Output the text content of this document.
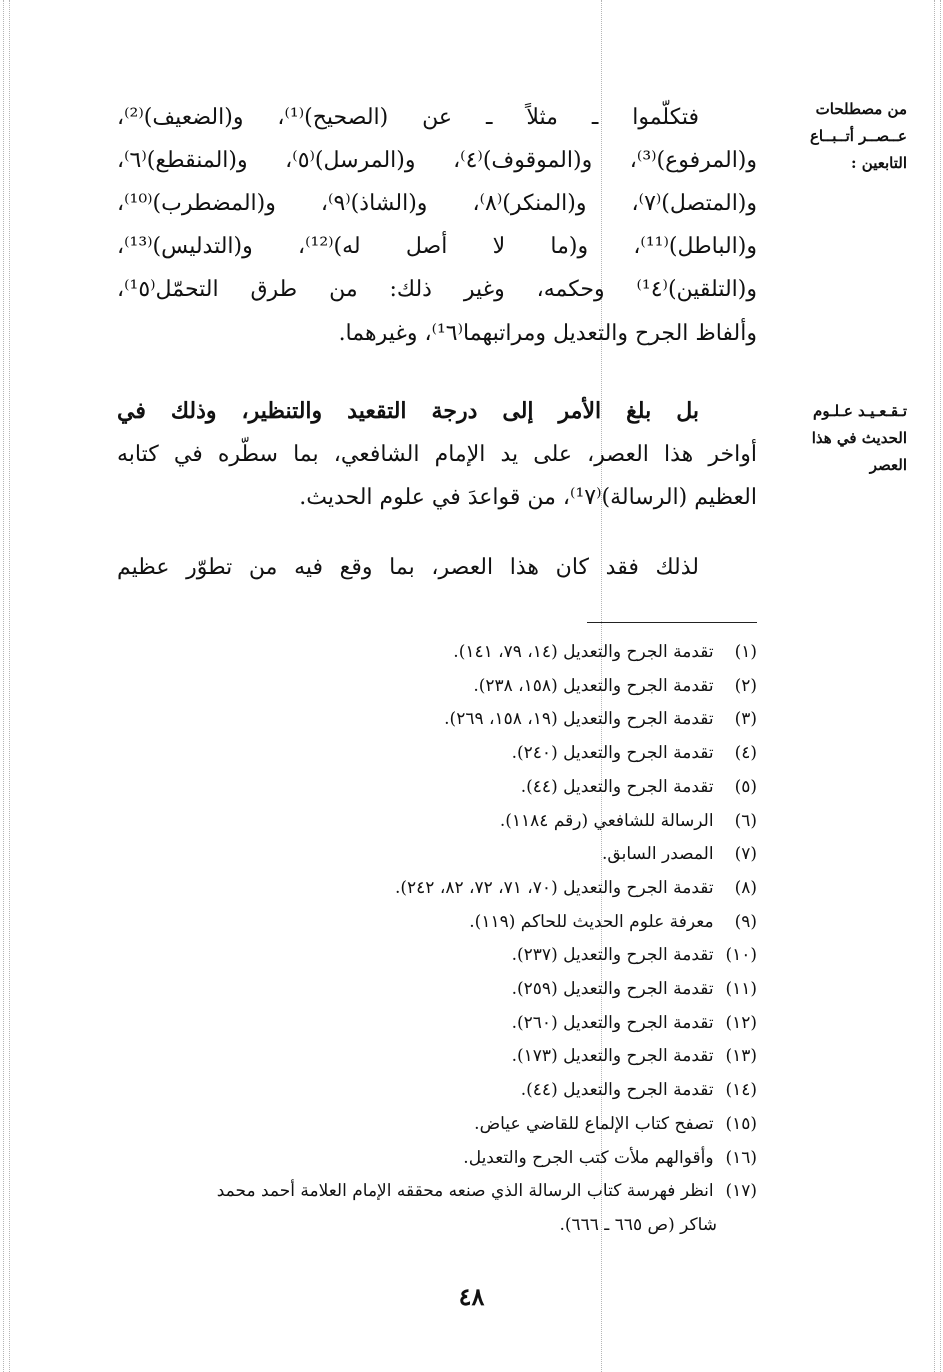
من مصطلحات
عــصــر أتــبــاع
التابعين :
تـقـعـيـد عـلـوم
الحديث في هذا
العصر
فتكلّموا ـ مثلاً ـ عن (الصحيح)⁽¹⁾، و(الضعيف)⁽²⁾،
و(المرفوع)⁽³⁾، و(الموقوف)⁽٤⁾، و(المرسل)⁽٥⁾، و(المنقطع)⁽٦⁾،
و(المتصل)⁽٧⁾، و(المنكر)⁽٨⁾، و(الشاذ)⁽٩⁾، و(المضطرب)⁽¹⁰⁾،
و(الباطل)⁽¹¹⁾، و(ما لا أصل له)⁽¹²⁾، و(التدليس)⁽¹³⁾،
و(التلقين)⁽¹٤⁾ وحكمه، وغير ذلك: من طرق التحمّل⁽¹٥⁾،
وألفاظ الجرح والتعديل ومراتبهما⁽¹٦⁾، وغيرهما.
بل بلغ الأمر إلى درجة التقعيد والتنظير، وذلك في
أواخر هذا العصر، على يد الإمام الشافعي، بما سطّره في كتابه
العظيم (الرسالة)⁽¹٧⁾، من قواعدَ في علوم الحديث.
لذلك فقد كان هذا العصر، بما وقع فيه من تطوّر عظيم
(١) تقدمة الجرح والتعديل (١٤، ٧٩، ١٤١).
(٢) تقدمة الجرح والتعديل (١٥٨، ٢٣٨).
(٣) تقدمة الجرح والتعديل (١٩، ١٥٨، ٢٦٩).
(٤) تقدمة الجرح والتعديل (٢٤٠).
(٥) تقدمة الجرح والتعديل (٤٤).
(٦) الرسالة للشافعي (رقم ١١٨٤).
(٧) المصدر السابق.
(٨) تقدمة الجرح والتعديل (٧٠، ٧١، ٧٢، ٨٢، ٢٤٢).
(٩) معرفة علوم الحديث للحاكم (١١٩).
(١٠) تقدمة الجرح والتعديل (٢٣٧).
(١١) تقدمة الجرح والتعديل (٢٥٩).
(١٢) تقدمة الجرح والتعديل (٢٦٠).
(١٣) تقدمة الجرح والتعديل (١٧٣).
(١٤) تقدمة الجرح والتعديل (٤٤).
(١٥) تصفح كتاب الإلماع للقاضي عياض.
(١٦) وأقوالهم ملأت كتب الجرح والتعديل.
(١٧) انظر فهرسة كتاب الرسالة الذي صنعه محققه الإمام العلامة أحمد محمد
شاكر (ص ٦٦٥ ـ ٦٦٦).
٤٨
